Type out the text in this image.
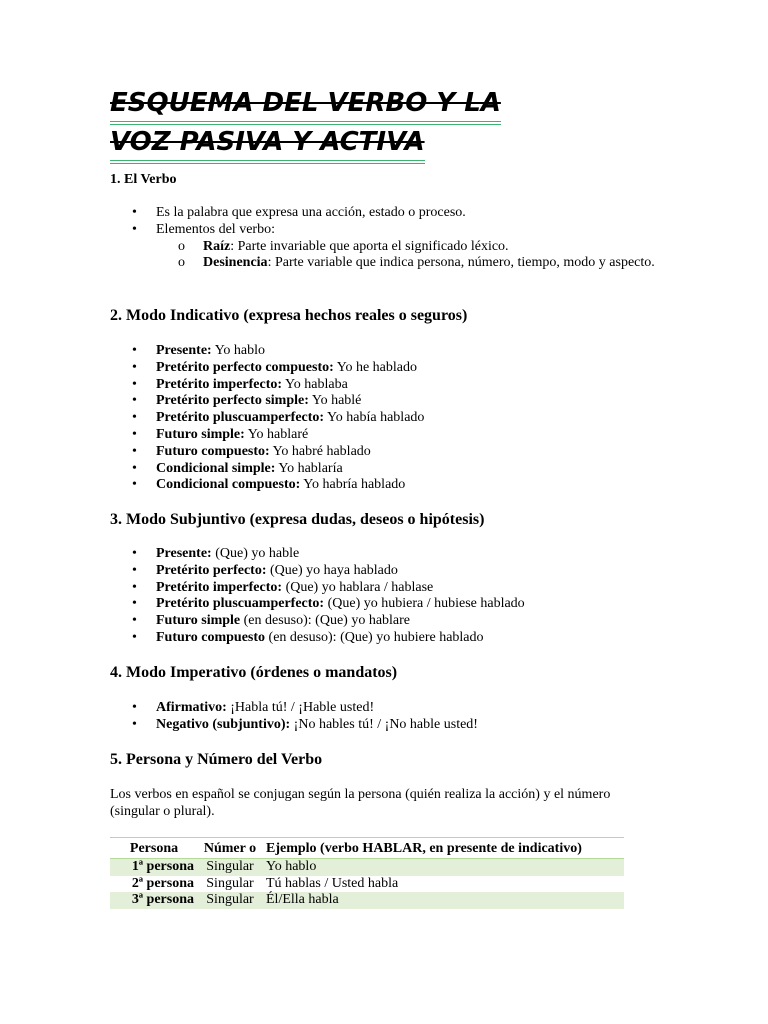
ESQUEMA DEL VERBO Y LA
VOZ PASIVA Y ACTIVA
1. El Verbo
• Es la palabra que expresa una acción, estado o proceso.
• Elementos del verbo:
o Raíz: Parte invariable que aporta el significado léxico.
o Desinencia: Parte variable que indica persona, número, tiempo, modo y aspecto.
2. Modo Indicativo (expresa hechos reales o seguros)
• Presente: Yo hablo
• Pretérito perfecto compuesto: Yo he hablado
• Pretérito imperfecto: Yo hablaba
• Pretérito perfecto simple: Yo hablé
• Pretérito pluscuamperfecto: Yo había hablado
• Futuro simple: Yo hablaré
• Futuro compuesto: Yo habré hablado
• Condicional simple: Yo hablaría
• Condicional compuesto: Yo habría hablado
3. Modo Subjuntivo (expresa dudas, deseos o hipótesis)
• Presente: (Que) yo hable
• Pretérito perfecto: (Que) yo haya hablado
• Pretérito imperfecto: (Que) yo hablara / hablase
• Pretérito pluscuamperfecto: (Que) yo hubiera / hubiese hablado
• Futuro simple (en desuso): (Que) yo hablare
• Futuro compuesto (en desuso): (Que) yo hubiere hablado
4. Modo Imperativo (órdenes o mandatos)
• Afirmativo: ¡Habla tú! / ¡Hable usted!
• Negativo (subjuntivo): ¡No hables tú! / ¡No hable usted!
5. Persona y Número del Verbo

Los verbos en español se conjugan según la persona (quién realiza la acción) y el número (singular o plural).

Persona	Númer o	Ejemplo (verbo HABLAR, en presente de indicativo)
1ª persona	Singular	Yo hablo
2ª persona	Singular	Tú hablas / Usted habla
3ª persona	Singular	Él/Ella habla
